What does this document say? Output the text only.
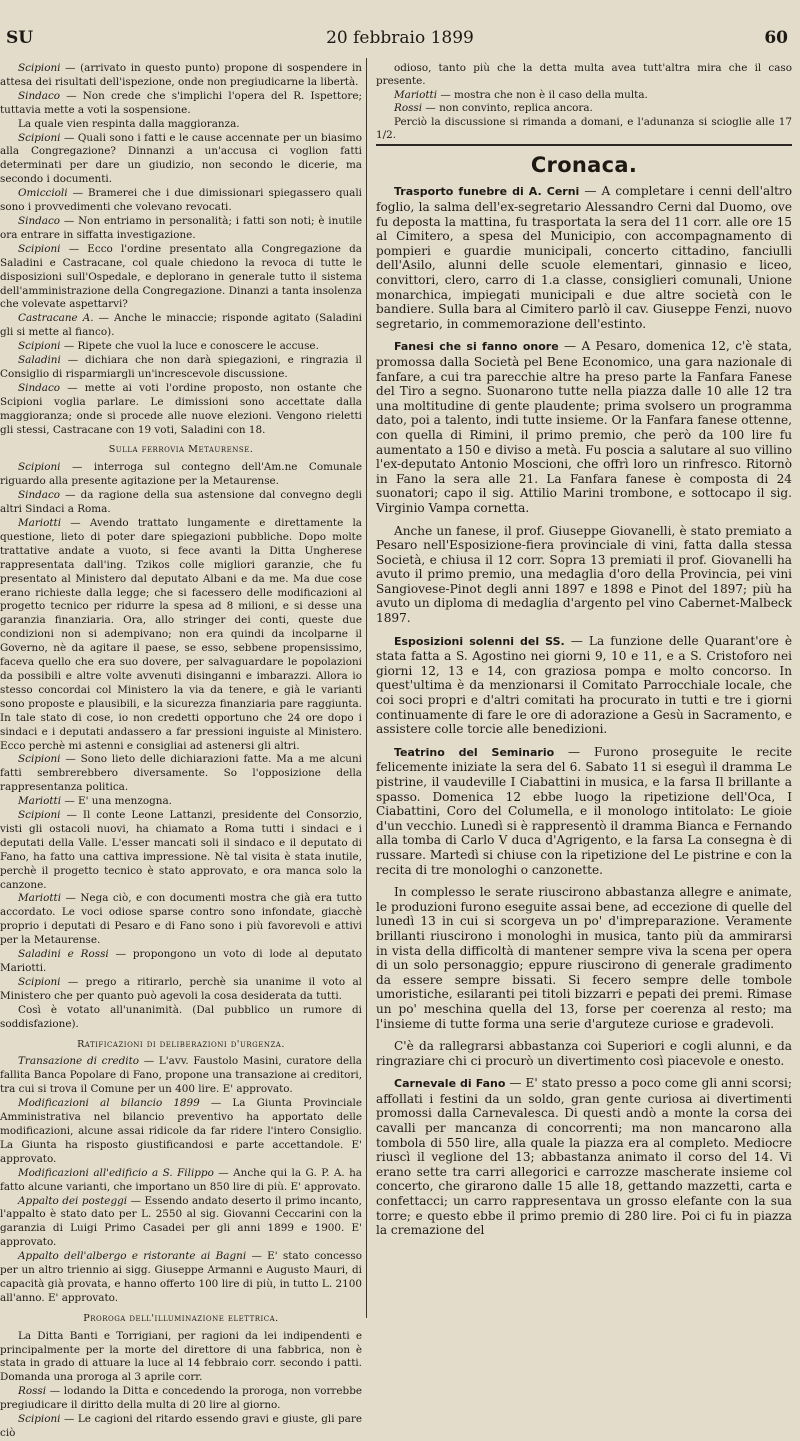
SU	20 febbraio 1899	60

Scipioni — (arrivato in questo punto) propone di sospendere in attesa dei risultati dell'ispezione, onde non pregiudicarne la libertà.

Sindaco — Non crede che s'implichi l'opera del R. Ispettore; tuttavia mette a voti la sospensione.

La quale vien respinta dalla maggioranza.

Scipioni — Quali sono i fatti e le cause accennate per un biasimo alla Congregazione? Dinnanzi a un'accusa ci voglion fatti determinati per dare un giudizio, non secondo le dicerie, ma secondo i documenti.

Omiccioli — Bramerei che i due dimissionari spiegassero quali sono i provvedimenti che volevano revocati.

Sindaco — Non entriamo in personalità; i fatti son noti; è inutile ora entrare in siffatta investigazione.

Scipioni — Ecco l'ordine presentato alla Congregazione da Saladini e Castracane, col quale chiedono la revoca di tutte le disposizioni sull'Ospedale, e deplorano in generale tutto il sistema dell'amministrazione della Congregazione. Dinanzi a tanta insolenza che volevate aspettarvi?

Castracane A. — Anche le minaccie; risponde agitato (Saladini gli si mette al fianco).

Scipioni — Ripete che vuol la luce e conoscere le accuse.

Saladini — dichiara che non darà spiegazioni, e ringrazia il Consiglio di risparmiargli un'increscevole discussione.

Sindaco — mette ai voti l'ordine proposto, non ostante che Scipioni voglia parlare. Le dimissioni sono accettate dalla maggioranza; onde si procede alle nuove elezioni. Vengono rieletti gli stessi, Castracane con 19 voti, Saladini con 18.

Sulla ferrovia Metaurense.

Scipioni — interroga sul contegno dell'Am.ne Comunale riguardo alla presente agitazione per la Metaurense.

Sindaco — da ragione della sua astensione dal convegno degli altri Sindaci a Roma.

Mariotti — Avendo trattato lungamente e direttamente la questione, lieto di poter dare spiegazioni pubbliche. Dopo molte trattative andate a vuoto, si fece avanti la Ditta Ungherese rappresentata dall'ing. Tzikos colle migliori garanzie, che fu presentato al Ministero dal deputato Albani e da me. Ma due cose erano richieste dalla legge; che si facessero delle modificazioni al progetto tecnico per ridurre la spesa ad 8 milioni, e si desse una garanzia finanziaria. Ora, allo stringer dei conti, queste due condizioni non si adempivano; non era quindi da incolparne il Governo, nè da agitare il paese, se esso, sebbene propensissimo, faceva quello che era suo dovere, per salvaguardare le popolazioni da possibili e altre volte avvenuti disinganni e imbarazzi. Allora io stesso concordai col Ministero la via da tenere, e già le varianti sono proposte e plausibili, e la sicurezza finanziaria pare raggiunta. In tale stato di cose, io non credetti opportuno che 24 ore dopo i sindaci e i deputati andassero a far pressioni inguiste al Ministero. Ecco perchè mi astenni e consigliai ad astenersi gli altri.

Scipioni — Sono lieto delle dichiarazioni fatte. Ma a me alcuni fatti sembrerebbero diversamente. So l'opposizione della rappresentanza politica.

Mariotti — E' una menzogna.

Scipioni — Il conte Leone Lattanzi, presidente del Consorzio, visti gli ostacoli nuovi, ha chiamato a Roma tutti i sindaci e i deputati della Valle. L'esser mancati soli il sindaco e il deputato di Fano, ha fatto una cattiva impressione. Nè tal visita è stata inutile, perchè il progetto tecnico è stato approvato, e ora manca solo la canzone.

Mariotti — Nega ciò, e con documenti mostra che già era tutto accordato. Le voci odiose sparse contro sono infondate, giacchè proprio i deputati di Pesaro e di Fano sono i più favorevoli e attivi per la Metaurense.

Saladini e Rossi — propongono un voto di lode al deputato Mariotti.

Scipioni — prego a ritirarlo, perchè sia unanime il voto al Ministero che per quanto può agevoli la cosa desiderata da tutti.

Così è votato all'unanimità. (Dal pubblico un rumore di soddisfazione).

Ratificazioni di deliberazioni d'urgenza.

Transazione di credito — L'avv. Faustolo Masini, curatore della fallita Banca Popolare di Fano, propone una transazione ai creditori, tra cui si trova il Comune per un 400 lire. E' approvato.

Modificazioni al bilancio 1899 — La Giunta Provinciale Amministrativa nel bilancio preventivo ha apportato delle modificazioni, alcune assai ridicole da far ridere l'intero Consiglio. La Giunta ha risposto giustificandosi e parte accettandole. E' approvato.

Modificazioni all'edificio a S. Filippo — Anche qui la G. P. A. ha fatto alcune varianti, che importano un 850 lire di più. E' approvato.

Appalto dei posteggi — Essendo andato deserto il primo incanto, l'appalto è stato dato per L. 2550 al sig. Giovanni Ceccarini con la garanzia di Luigi Primo Casadei per gli anni 1899 e 1900. E' approvato.

Appalto dell'albergo e ristorante ai Bagni — E' stato concesso per un altro triennio ai sigg. Giuseppe Armanni e Augusto Mauri, di capacità già provata, e hanno offerto 100 lire di più, in tutto L. 2100 all'anno. E' approvato.

Proroga dell'illuminazione elettrica.

La Ditta Banti e Torrigiani, per ragioni da lei indipendenti e principalmente per la morte del direttore di una fabbrica, non è stata in grado di attuare la luce al 14 febbraio corr. secondo i patti. Domanda una proroga al 3 aprile corr.

Rossi — lodando la Ditta e concedendo la proroga, non vorrebbe pregiudicare il diritto della multa di 20 lire al giorno.

Scipioni — Le cagioni del ritardo essendo gravi e giuste, gli pare ciò

odioso, tanto più che la detta multa avea tutt'altra mira che il caso presente.

Mariotti — mostra che non è il caso della multa.

Rossi — non convinto, replica ancora.

Perciò la discussione si rimanda a domani, e l'adunanza si scioglie alle 17 1/2.

Cronaca.

Trasporto funebre di A. Cerni — A completare i cenni dell'altro foglio, la salma dell'ex-segretario Alessandro Cerni dal Duomo, ove fu deposta la mattina, fu trasportata la sera del 11 corr. alle ore 15 al Cimitero, a spesa del Municipio, con accompagnamento di pompieri e guardie municipali, concerto cittadino, fanciulli dell'Asilo, alunni delle scuole elementari, ginnasio e liceo, convittori, clero, carro di 1.a classe, consiglieri comunali, Unione monarchica, impiegati municipali e due altre società con le bandiere. Sulla bara al Cimitero parlò il cav. Giuseppe Fenzi, nuovo segretario, in commemorazione dell'estinto.

Fanesi che si fanno onore — A Pesaro, domenica 12, c'è stata, promossa dalla Società pel Bene Economico, una gara nazionale di fanfare, a cui tra parecchie altre ha preso parte la Fanfara Fanese del Tiro a segno. Suonarono tutte nella piazza dalle 10 alle 12 tra una moltitudine di gente plaudente; prima svolsero un programma dato, poi a talento, indi tutte insieme. Or la Fanfara fanese ottenne, con quella di Rimini, il primo premio, che però da 100 lire fu aumentato a 150 e diviso a metà. Fu poscia a salutare al suo villino l'ex-deputato Antonio Moscioni, che offrì loro un rinfresco. Ritornò in Fano la sera alle 21. La Fanfara fanese è composta di 24 suonatori; capo il sig. Attilio Marini trombone, e sottocapo il sig. Virginio Vampa cornetta.

Anche un fanese, il prof. Giuseppe Giovanelli, è stato premiato a Pesaro nell'Esposizione-fiera provinciale di vini, fatta dalla stessa Società, e chiusa il 12 corr. Sopra 13 premiati il prof. Giovanelli ha avuto il primo premio, una medaglia d'oro della Provincia, pei vini Sangiovese-Pinot degli anni 1897 e 1898 e Pinot del 1897; più ha avuto un diploma di medaglia d'argento pel vino Cabernet-Malbeck 1897.

Esposizioni solenni del SS. — La funzione delle Quarant'ore è stata fatta a S. Agostino nei giorni 9, 10 e 11, e a S. Cristoforo nei giorni 12, 13 e 14, con graziosa pompa e molto concorso. In quest'ultima è da menzionarsi il Comitato Parrocchiale locale, che coi soci propri e d'altri comitati ha procurato in tutti e tre i giorni continuamente di fare le ore di adorazione a Gesù in Sacramento, e assistere colle torcie alle benedizioni.

Teatrino del Seminario — Furono proseguite le recite felicemente iniziate la sera del 6. Sabato 11 si eseguì il dramma Le pistrine, il vaudeville I Ciabattini in musica, e la farsa Il brillante a spasso. Domenica 12 ebbe luogo la ripetizione dell'Oca, I Ciabattini, Coro del Columella, e il monologo intitolato: Le gioie d'un vecchio. Lunedì si è rappresentò il dramma Bianca e Fernando alla tomba di Carlo V duca d'Agrigento, e la farsa La consegna è di russare. Martedì si chiuse con la ripetizione del Le pistrine e con la recita di tre monologhi o canzonette.

In complesso le serate riuscirono abbastanza allegre e animate, le produzioni furono eseguite assai bene, ad eccezione di quelle del lunedì 13 in cui si scorgeva un po' d'impreparazione. Veramente brillanti riuscirono i monologhi in musica, tanto più da ammirarsi in vista della difficoltà di mantener sempre viva la scena per opera di un solo personaggio; eppure riuscirono di generale gradimento da essere sempre bissati. Si fecero sempre delle tombole umoristiche, esilaranti pei titoli bizzarri e pepati dei premi. Rimase un po' meschina quella del 13, forse per coerenza al resto; ma l'insieme di tutte forma una serie d'arguteze curiose e gradevoli.

C'è da rallegrarsi abbastanza coi Superiori e cogli alunni, e da ringraziare chi ci procurò un divertimento così piacevole e onesto.

Carnevale di Fano — E' stato presso a poco come gli anni scorsi; affollati i festini da un soldo, gran gente curiosa ai divertimenti promossi dalla Carnevalesca. Di questi andò a monte la corsa dei cavalli per mancanza di concorrenti; ma non mancarono alla tombola di 550 lire, alla quale la piazza era al completo. Mediocre riuscì il veglione del 13; abbastanza animato il corso del 14. Vi erano sette tra carri allegorici e carrozze mascherate insieme col concerto, che girarono dalle 15 alle 18, gettando mazzetti, carta e confettacci; un carro rappresentava un grosso elefante con la sua torre; e questo ebbe il primo premio di 280 lire. Poi ci fu in piazza la cremazione del
